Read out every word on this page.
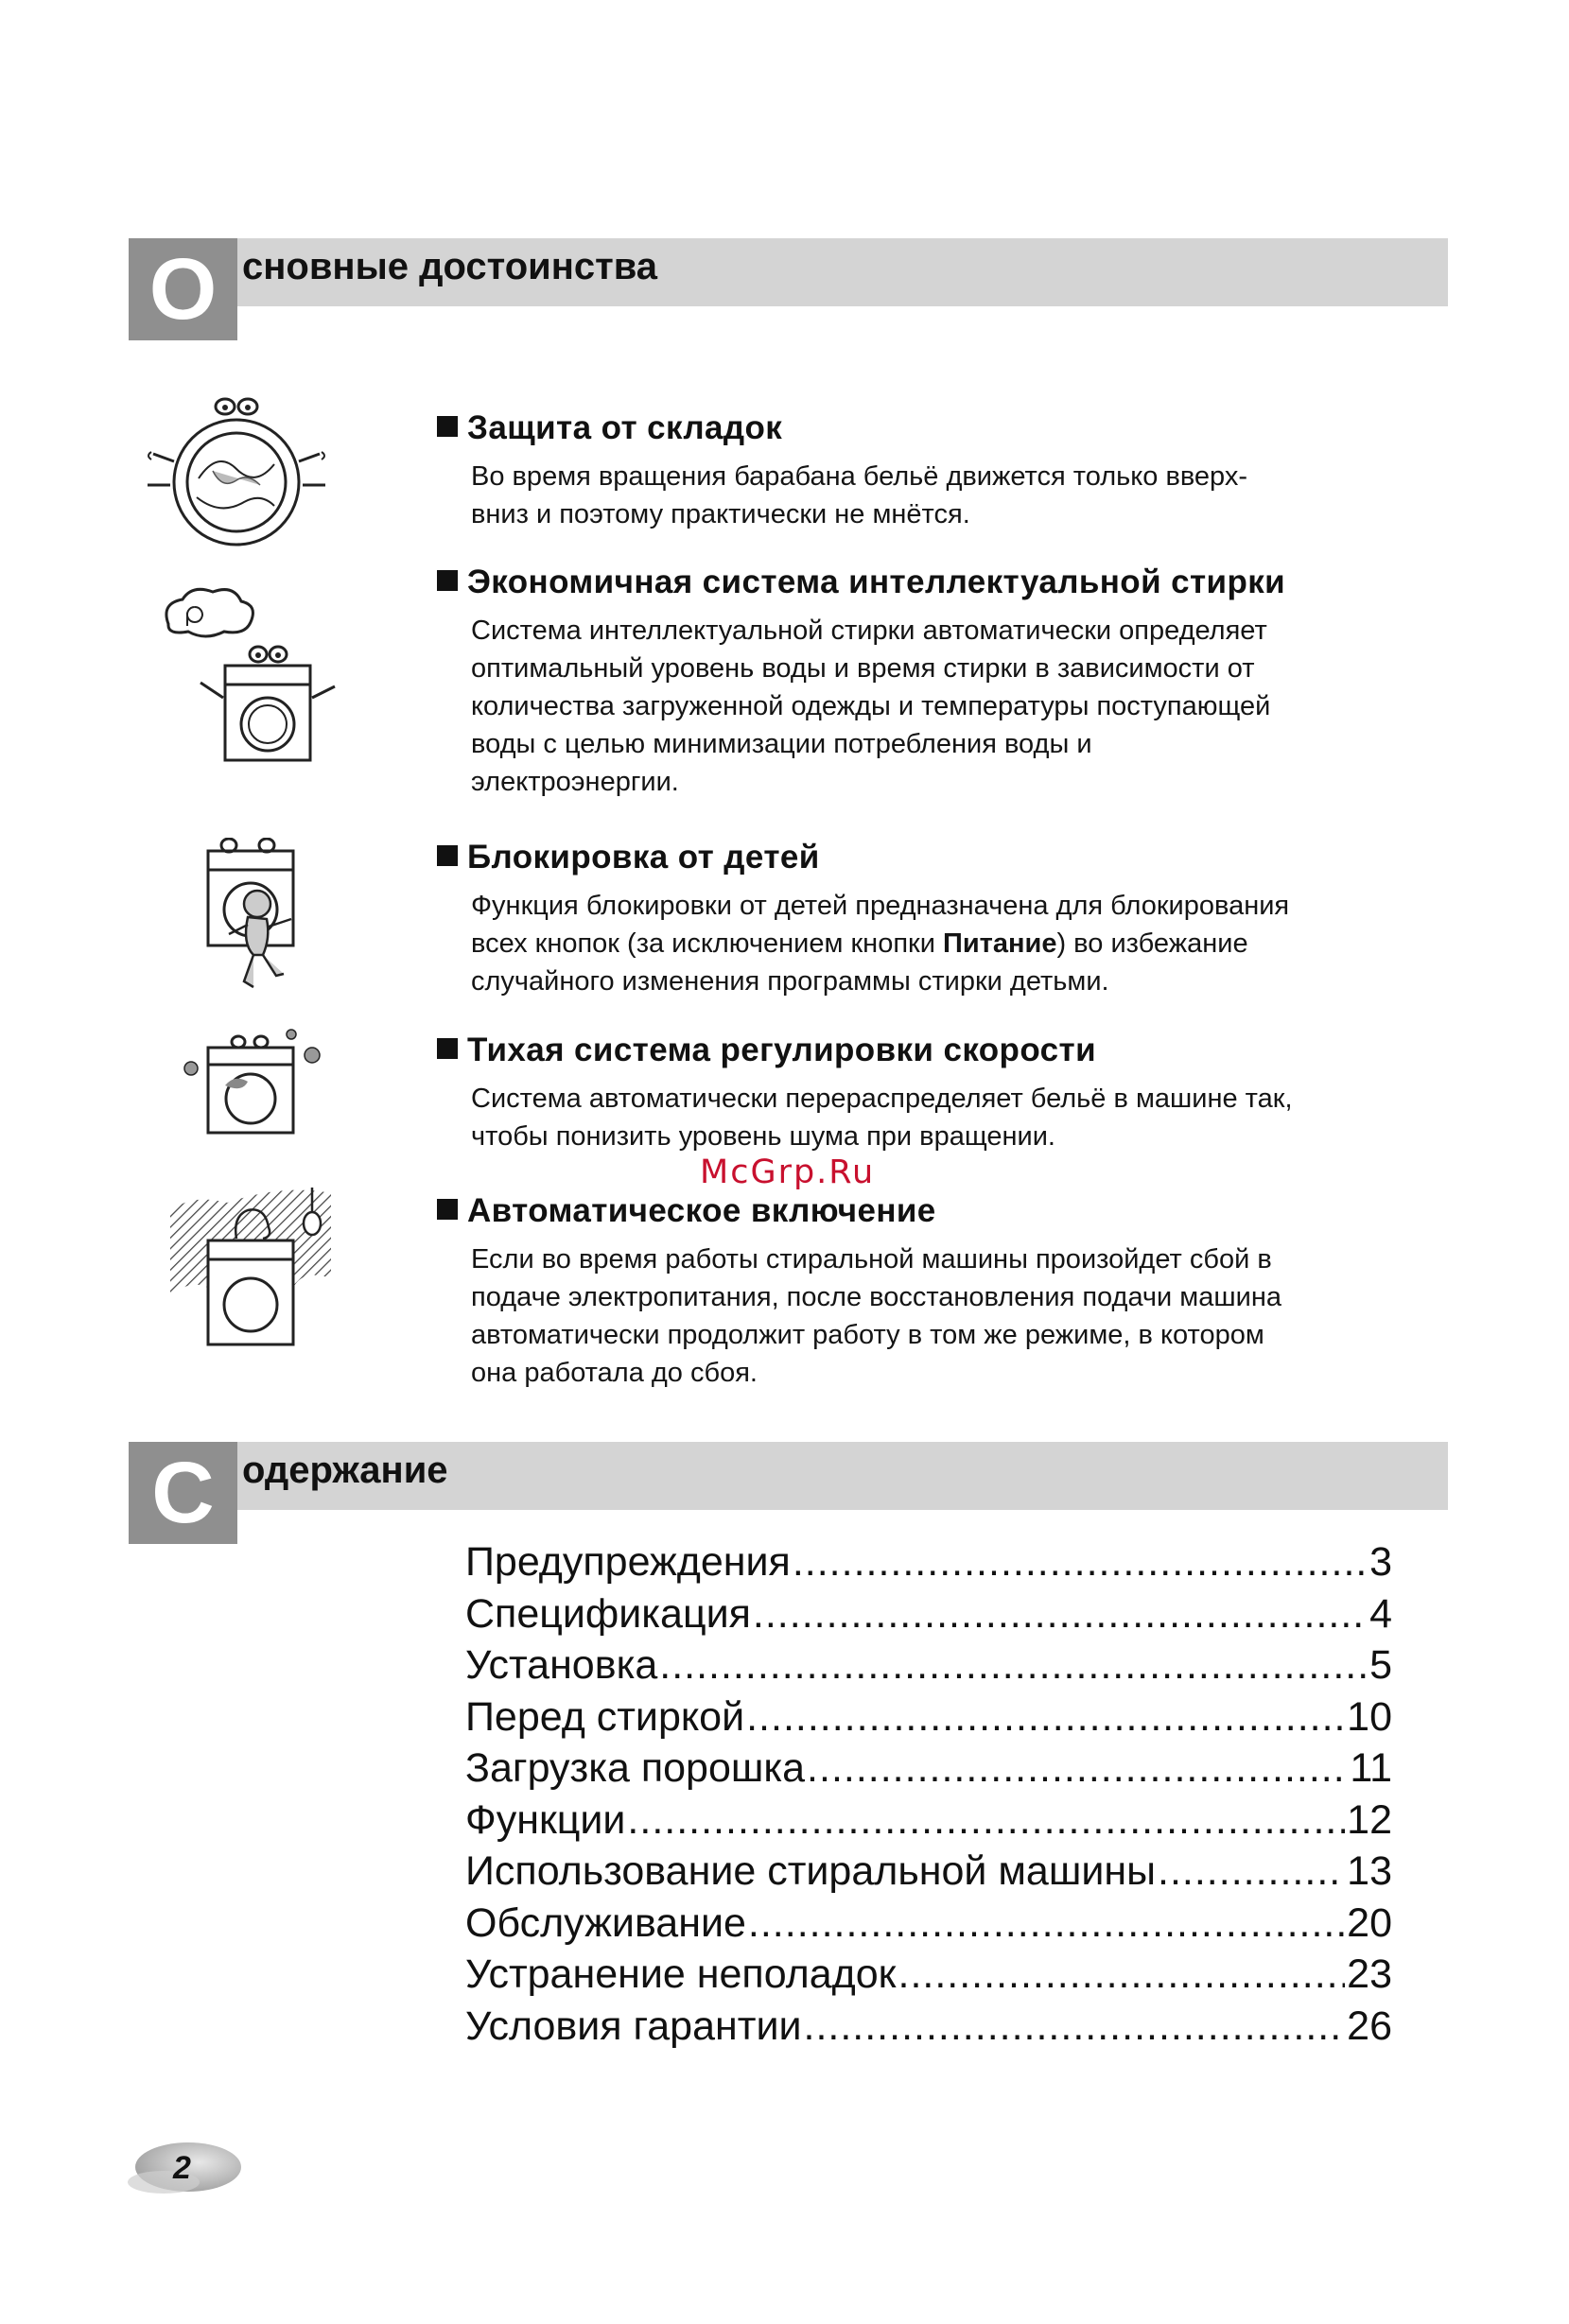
О сновные достоинства
Защита от складок
Во время вращения барабана бельё движется только вверх-
вниз и поэтому практически не мнётся.
Экономичная система интеллектуальной стирки
Система интеллектуальной стирки автоматически определяет
оптимальный уровень воды и время стирки в зависимости от
количества загруженной одежды и температуры поступающей
воды с целью минимизации потребления воды и
электроэнергии.
Блокировка от детей
Функция блокировки от детей предназначена для блокирования
всех кнопок (за исключением кнопки Питание) во избежание
случайного изменения программы стирки детьми.
Тихая система регулировки скорости
Система автоматически перераспределяет бельё в машине так,
чтобы понизить уровень шума при вращении.
McGrp.Ru
Автоматическое включение
Если во время работы стиральной машины произойдет сбой в
подаче электропитания, после восстановления подачи машина
автоматически продолжит работу в том же режиме, в котором
она работала до сбоя.
С одержание
Предупреждения .....	3
Спецификация .....	4
Установка .....	5
Перед стиркой .....	10
Загрузка порошка .....	11
Функции .....	12
Использование стиральной машины .....	13
Обслуживание .....	20
Устранение неполадок .....	23
Условия гарантии .....	26
2
